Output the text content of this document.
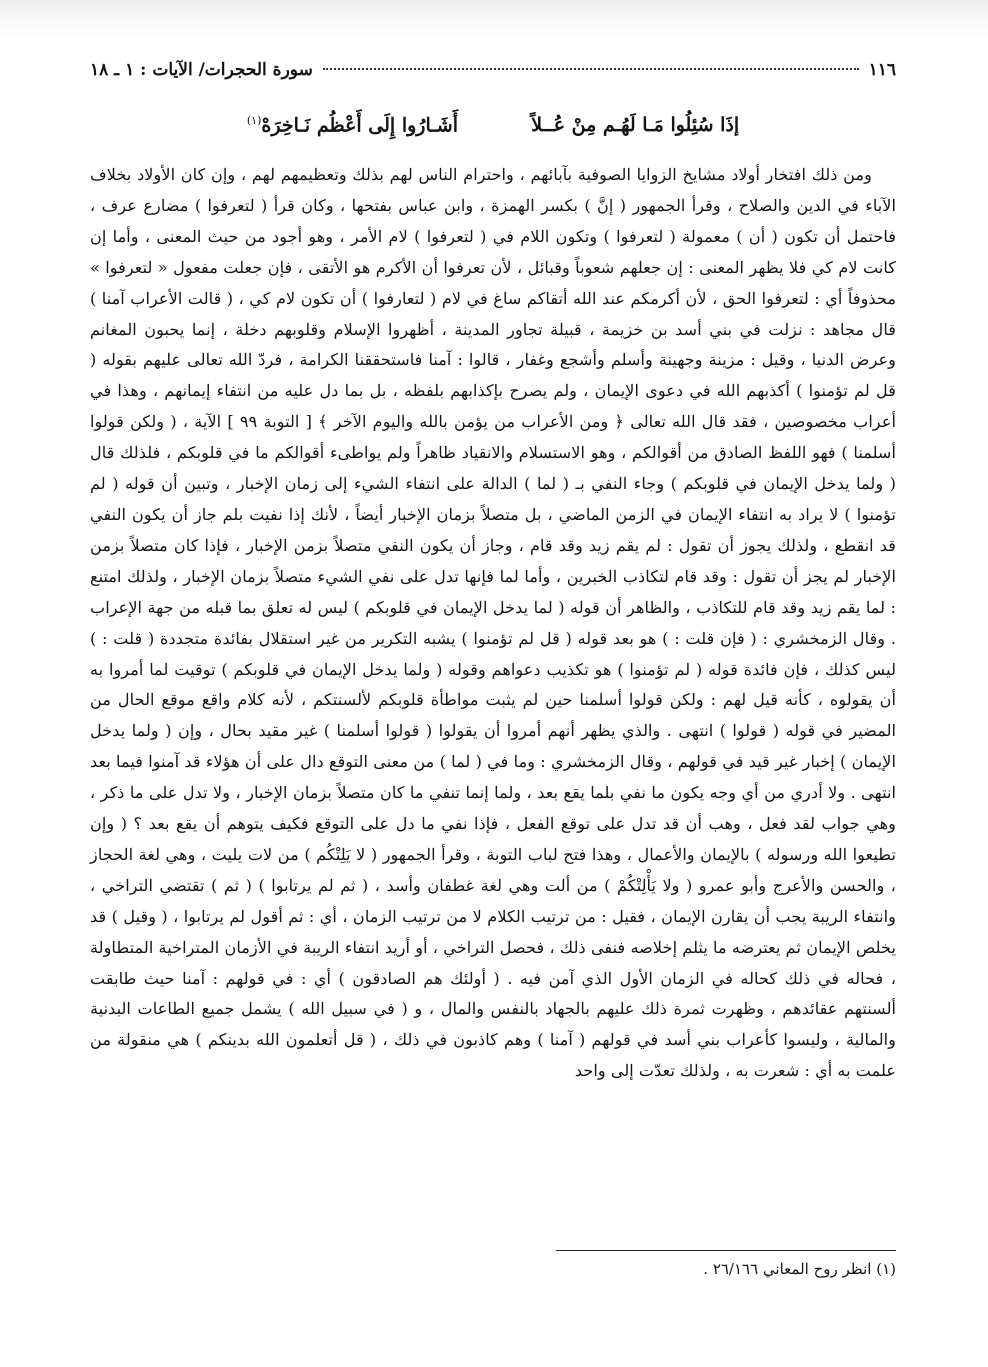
١١٦
سورة الحجرات/ الآيات : ١ ـ ١٨
إذَا سُئِلُوا مَـا لَهُـم مِنْ عُــلاً  أَشَـارُوا إِلَى أَعْظُم نَـاخِرَهْ$^{(١)}$

ومن ذلك افتخار أولاد مشايخ الزوايا الصوفية بآبائهم ، واحترام الناس لهم بذلك وتعظيمهم لهم ، وإن كان الأولاد بخلاف الآباء في الدين والصلاح ، وقرأ الجمهور ( إنَّ ) بكسر الهمزة ، وابن عباس بفتحها ، وكان قرأ ( لتعرفوا ) مضارع عرف ، فاحتمل أن تكون ( أن ) معمولة ( لتعرفوا ) وتكون اللام في ( لتعرفوا ) لام الأمر ، وهو أجود من حيث المعنى ، وأما إن كانت لام كي فلا يظهر المعنى : إن جعلهم شعوباً وقبائل ، لأن تعرفوا أن الأكرم هو الأتقى ، فإن جعلت مفعول « لتعرفوا » محذوفاً أي : لتعرفوا الحق ، لأن أكرمكم عند الله أتقاكم ساغ في لام ( لتعارفوا ) أن تكون لام كي ، ( قالت الأعراب آمنا ) قال مجاهد : نزلت في بني أسد بن خزيمة ، قبيلة تجاور المدينة ، أظهروا الإسلام وقلوبهم دخلة ، إنما يحبون المغانم وعرض الدنيا ، وقيل : مزينة وجهينة وأسلم وأشجع وغفار ، قالوا : آمنا فاستحققنا الكرامة ، فردّ الله تعالى عليهم بقوله ( قل لم تؤمنوا ) أكذبهم الله في دعوى الإيمان ، ولم يصرح بإكذابهم بلفظه ، بل بما دل عليه من انتفاء إيمانهم ، وهذا في أعراب مخصوصين ، فقد قال الله تعالى ﴿ ومن الأعراب من يؤمن بالله واليوم الآخر ﴾ [ التوبة ٩٩ ] الآية ، ( ولكن قولوا أسلمنا ) فهو اللفظ الصادق من أقوالكم ، وهو الاستسلام والانقياد ظاهراً ولم يواطىء أقوالكم ما في قلوبكم ، فلذلك قال ( ولما يدخل الإيمان في قلوبكم ) وجاء النفي بـ ( لما ) الدالة على انتفاء الشيء إلى زمان الإخبار ، وتبين أن قوله ( لم تؤمنوا ) لا يراد به انتفاء الإيمان في الزمن الماضي ، بل متصلاً بزمان الإخبار أيضاً ، لأنك إذا نفيت بلم جاز أن يكون النفي قد انقطع ، ولذلك يجوز أن تقول : لم يقم زيد وقد قام ، وجاز أن يكون النفي متصلاً بزمن الإخبار ، فإذا كان متصلاً بزمن الإخبار لم يجز أن تقول : وقد قام لتكاذب الخبرين ، وأما لما فإنها تدل على نفي الشيء متصلاً بزمان الإخبار ، ولذلك امتنع : لما يقم زيد وقد قام للتكاذب ، والظاهر أن قوله ( لما يدخل الإيمان في قلوبكم ) ليس له تعلق بما قبله من جهة الإعراب . وقال الزمخشري : ( فإن قلت : ) هو بعد قوله ( قل لم تؤمنوا ) يشبه التكرير من غير استقلال بفائدة متجددة ( قلت : ) ليس كذلك ، فإن فائدة قوله ( لم تؤمنوا ) هو تكذيب دعواهم وقوله ( ولما يدخل الإيمان في قلوبكم ) توقيت لما أمروا به أن يقولوه ، كأنه قيل لهم : ولكن قولوا أسلمنا حين لم يثبت مواطأة قلوبكم لألسنتكم ، لأنه كلام واقع موقع الحال من المضير في قوله ( قولوا ) انتهى . والذي يظهر أنهم أمروا أن يقولوا ( قولوا أسلمنا ) غير مقيد بحال ، وإن ( ولما يدخل الإيمان ) إخبار غير قيد في قولهم ، وقال الزمخشري : وما في ( لما ) من معنى التوقع دال على أن هؤلاء قد آمنوا فيما بعد انتهى . ولا أدري من أي وجه يكون ما نفي بلما يقع بعد ، ولما إنما تنفي ما كان متصلاً بزمان الإخبار ، ولا تدل على ما ذكر ، وهي جواب لقد فعل ، وهب أن قد تدل على توقع الفعل ، فإذا نفي ما دل على التوقع فكيف يتوهم أن يقع بعد ؟ ( وإن تطيعوا الله ورسوله ) بالإيمان والأعمال ، وهذا فتح لباب التوبة ، وقرأ الجمهور ( لا يَلِتْكُم ) من لات يليت ، وهي لغة الحجاز ، والحسن والأعرج وأبو عمرو ( ولا يَأْلِتْكُمْ ) من ألت وهي لغة غطفان وأسد ، ( ثم لم يرتابوا ) ( ثم ) تقتضي التراخي ، وانتفاء الريبة يجب أن يقارن الإيمان ، فقيل : من ترتيب الكلام لا من ترتيب الزمان ، أي : ثم أقول لم يرتابوا ، ( وقيل ) قد يخلص الإيمان ثم يعترضه ما يثلم إخلاصه فنفى ذلك ، فحصل التراخي ، أو أريد انتفاء الريبة في الأزمان المتراخية المتطاولة ، فحاله في ذلك كحاله في الزمان الأول الذي آمن فيه . ( أولئك هم الصادقون ) أي : في قولهم : آمنا حيث طابقت ألسنتهم عقائدهم ، وظهرت ثمرة ذلك عليهم بالجهاد بالنفس والمال ، و ( في سبيل الله ) يشمل جميع الطاعات البدنية والمالية ، وليسوا كأعراب بني أسد في قولهم ( آمنا ) وهم كاذبون في ذلك ، ( قل أتعلمون الله بدينكم ) هي منقولة من علمت به أي : شعرت به ، ولذلك تعدّت إلى واحد

(١) انظر روح المعاني ٢٦/١٦٦ .
